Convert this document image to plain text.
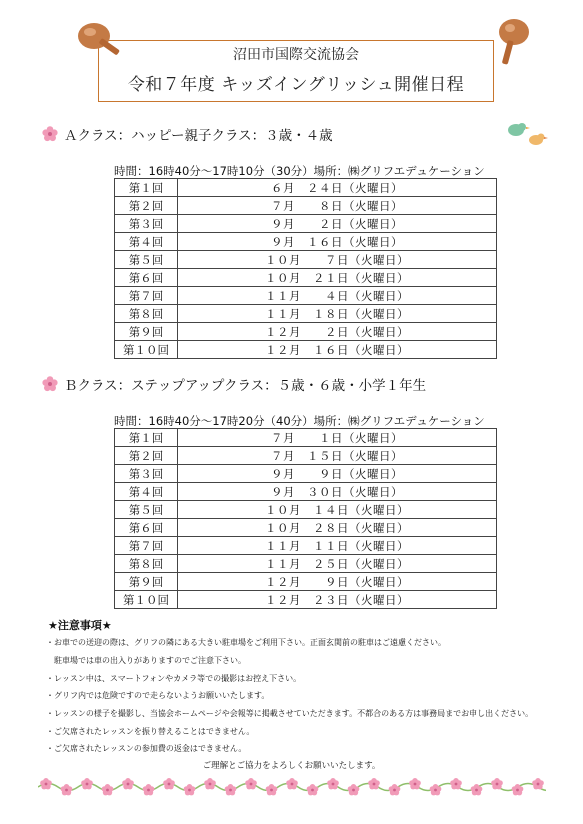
沼田市国際交流協会
令和７年度 キッズイングリッシュ開催日程
Ａクラス：ハッピー親子クラス：３歳・４歳
時間：16時40分〜17時10分（30分）場所：㈱グリフエデュケーション
第１回	６月　２４日（火曜日）
第２回	７月　　８日（火曜日）
第３回	９月　　２日（火曜日）
第４回	９月　１６日（火曜日）
第５回	１０月　　７日（火曜日）
第６回	１０月　２１日（火曜日）
第７回	１１月　　４日（火曜日）
第８回	１１月　１８日（火曜日）
第９回	１２月　　２日（火曜日）
第１０回	１２月　１６日（火曜日）
Ｂクラス：ステップアップクラス：５歳・６歳・小学１年生
時間：16時40分〜17時20分（40分）場所：㈱グリフエデュケーション
第１回	７月　　１日（火曜日）
第２回	７月　１５日（火曜日）
第３回	９月　　９日（火曜日）
第４回	９月　３０日（火曜日）
第５回	１０月　１４日（火曜日）
第６回	１０月　２８日（火曜日）
第７回	１１月　１１日（火曜日）
第８回	１１月　２５日（火曜日）
第９回	１２月　　９日（火曜日）
第１０回	１２月　２３日（火曜日）
★注意事項★
・お車での送迎の際は、グリフの隣にある大きい駐車場をご利用下さい。正面玄関前の駐車はご遠慮ください。
　駐車場では車の出入りがありますのでご注意下さい。
・レッスン中は、スマートフォンやカメラ等での撮影はお控え下さい。
・グリフ内では危険ですので走らないようお願いいたします。
・レッスンの様子を撮影し、当協会ホームページや会報等に掲載させていただきます。不都合のある方は事務局までお申し出ください。
・ご欠席されたレッスンを振り替えることはできません。
・ご欠席されたレッスンの参加費の返金はできません。
ご理解とご協力をよろしくお願いいたします。
